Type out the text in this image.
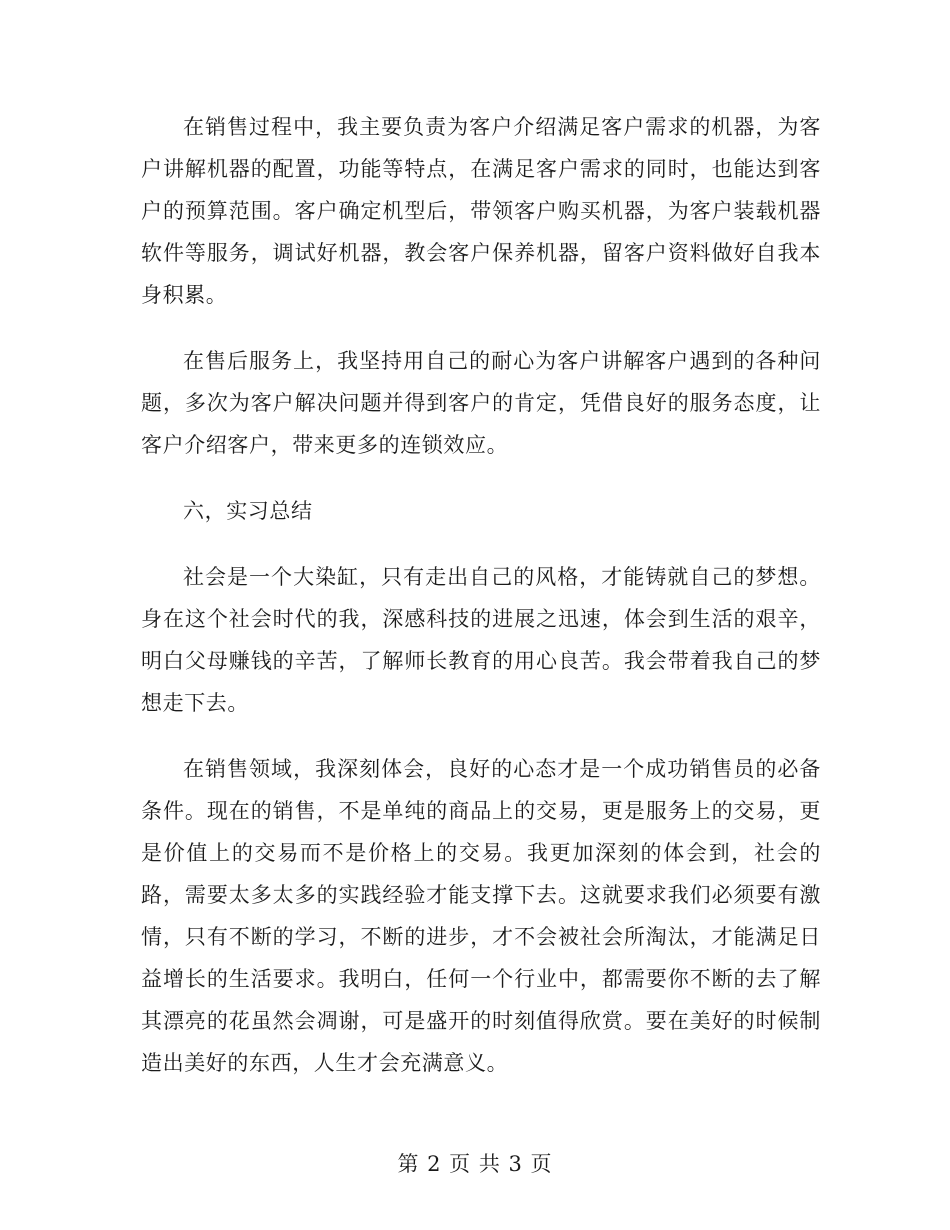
在销售过程中，我主要负责为客户介绍满足客户需求的机器，为客户讲解机器的配置，功能等特点，在满足客户需求的同时，也能达到客户的预算范围。客户确定机型后，带领客户购买机器，为客户装载机器软件等服务，调试好机器，教会客户保养机器，留客户资料做好自我本身积累。

在售后服务上，我坚持用自己的耐心为客户讲解客户遇到的各种问题，多次为客户解决问题并得到客户的肯定，凭借良好的服务态度，让客户介绍客户，带来更多的连锁效应。

六，实习总结

社会是一个大染缸，只有走出自己的风格，才能铸就自己的梦想。身在这个社会时代的我，深感科技的进展之迅速，体会到生活的艰辛，明白父母赚钱的辛苦，了解师长教育的用心良苦。我会带着我自己的梦想走下去。

在销售领域，我深刻体会，良好的心态才是一个成功销售员的必备条件。现在的销售，不是单纯的商品上的交易，更是服务上的交易，更是价值上的交易而不是价格上的交易。我更加深刻的体会到，社会的路，需要太多太多的实践经验才能支撑下去。这就要求我们必须要有激情，只有不断的学习，不断的进步，才不会被社会所淘汰，才能满足日益增长的生活要求。我明白，任何一个行业中，都需要你不断的去了解其漂亮的花虽然会凋谢，可是盛开的时刻值得欣赏。要在美好的时候制造出美好的东西，人生才会充满意义。

第 2 页 共 3 页
